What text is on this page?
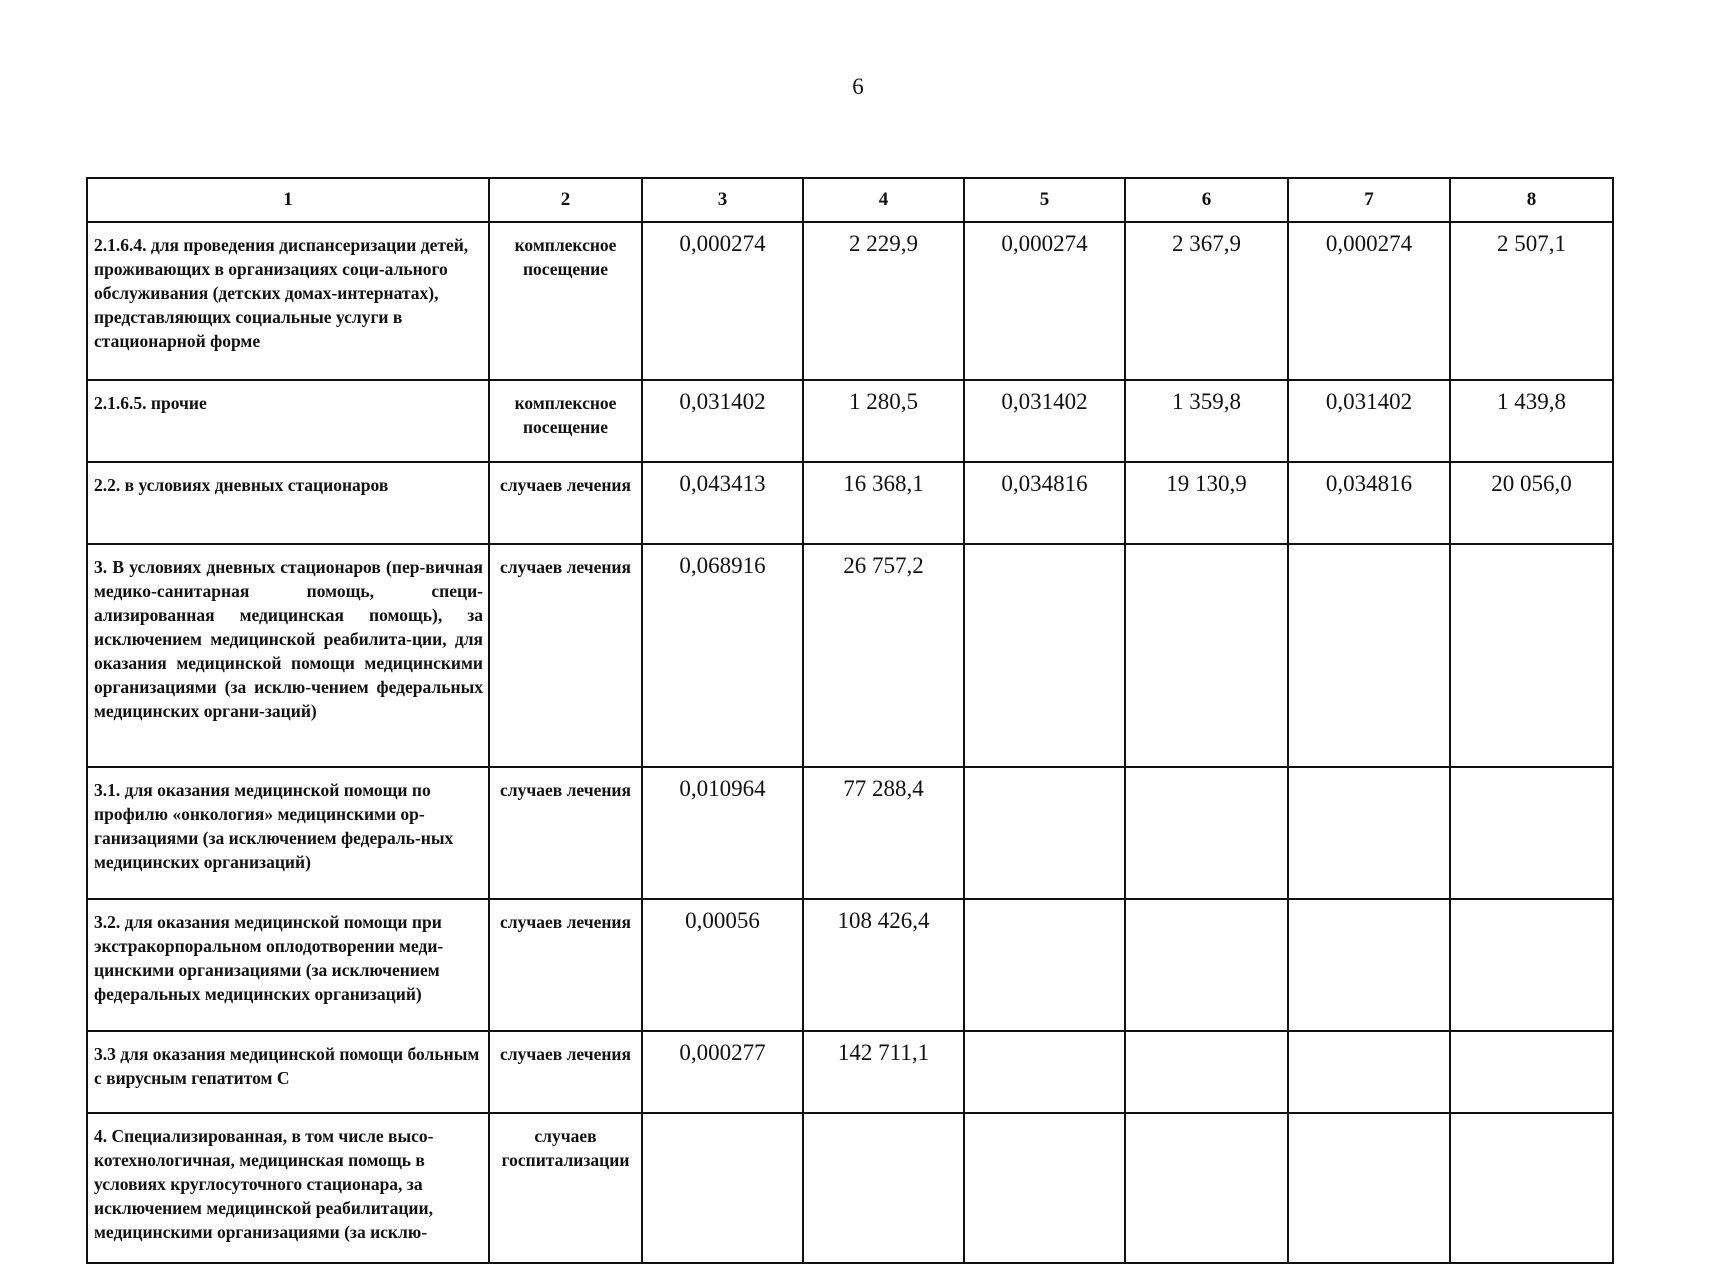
6
1	2	3	4	5	6	7	8
2.1.6.4. для проведения диспансеризации детей, проживающих в организациях соци-ального обслуживания (детских домах-интернатах), представляющих социальные услуги в стационарной форме	комплексное посещение	0,000274	2 229,9	0,000274	2 367,9	0,000274	2 507,1
2.1.6.5. прочие	комплексное посещение	0,031402	1 280,5	0,031402	1 359,8	0,031402	1 439,8
2.2. в условиях дневных стационаров	случаев лечения	0,043413	16 368,1	0,034816	19 130,9	0,034816	20 056,0
3. В условиях дневных стационаров (пер-вичная медико-санитарная помощь, специ-ализированная медицинская помощь), за исключением медицинской реабилита-ции, для оказания медицинской помощи медицинскими организациями (за исклю-чением федеральных медицинских органи-заций)	случаев лечения	0,068916	26 757,2				
3.1. для оказания медицинской помощи по профилю «онкология» медицинскими ор-ганизациями (за исключением федераль-ных медицинских организаций)	случаев лечения	0,010964	77 288,4				
3.2. для оказания медицинской помощи при экстракорпоральном оплодотворении меди-цинскими организациями (за исключением федеральных медицинских организаций)	случаев лечения	0,00056	108 426,4				
3.3 для оказания медицинской помощи больным с вирусным гепатитом С	случаев лечения	0,000277	142 711,1				
4. Специализированная, в том числе высо-котехнологичная, медицинская помощь в условиях круглосуточного стационара, за исключением медицинской реабилитации, медицинскими организациями (за исклю-	случаев госпитализации						
